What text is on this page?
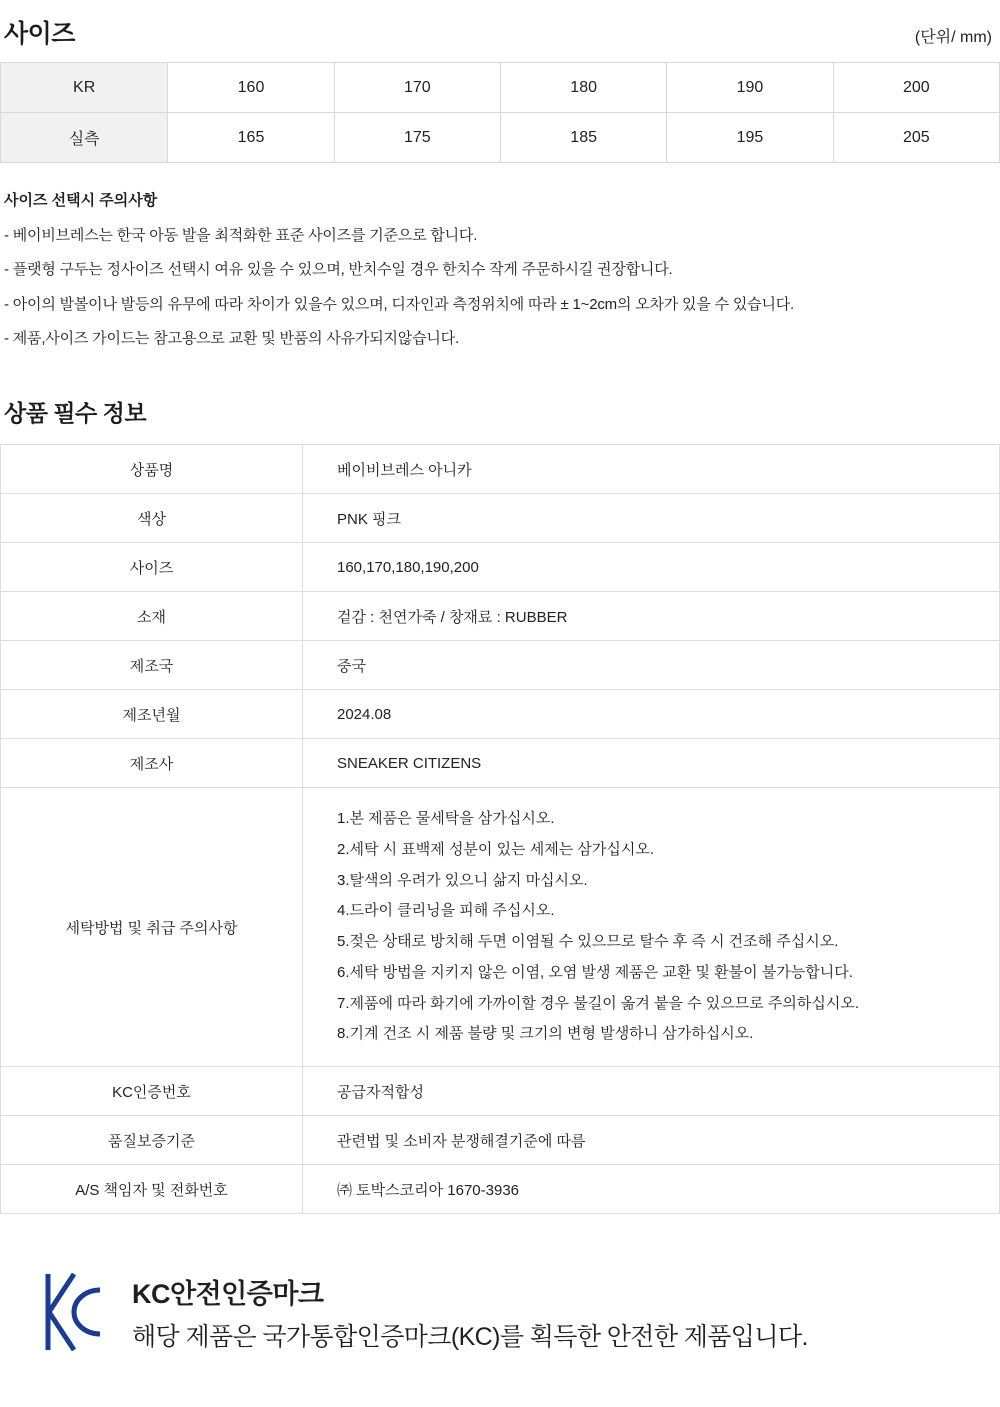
사이즈	(단위/ mm)
KR	160	170	180	190	200
실측	165	175	185	195	205
사이즈 선택시 주의사항
- 베이비브레스는 한국 아동 발을 최적화한 표준 사이즈를 기준으로 합니다.
- 플랫형 구두는 정사이즈 선택시 여유 있을 수 있으며, 반치수일 경우 한치수 작게 주문하시길 권장합니다.
- 아이의 발볼이나 발등의 유무에 따라 차이가 있을수 있으며, 디자인과 측정위치에 따라 ± 1~2cm의 오차가 있을 수 있습니다.
- 제품,사이즈 가이드는 참고용으로 교환 및 반품의 사유가되지않습니다.
상품 필수 정보
상품명	베이비브레스 아니카
색상	PNK 핑크
사이즈	160,170,180,190,200
소재	겉감 : 천연가죽 / 창재료 : RUBBER
제조국	중국
제조년월	2024.08
제조사	SNEAKER CITIZENS
세탁방법 및 취급 주의사항	
1.본 제품은 물세탁을 삼가십시오.
2.세탁 시 표백제 성분이 있는 세제는 삼가십시오.
3.탈색의 우려가 있으니 삶지 마십시오.
4.드라이 클리닝을 피해 주십시오.
5.젖은 상태로 방치해 두면 이염될 수 있으므로 탈수 후 즉 시 건조해 주십시오.
6.세탁 방법을 지키지 않은 이염, 오염 발생 제품은 교환 및 환불이 불가능합니다.
7.제품에 따라 화기에 가까이할 경우 불길이 옮겨 붙을 수 있으므로 주의하십시오.
8.기계 건조 시 제품 불량 및 크기의 변형 발생하니 삼가하십시오.

KC인증번호	공급자적합성
품질보증기준	관련법 및 소비자 분쟁해결기준에 따름
A/S 책임자 및 전화번호	㈜ 토박스코리아 1670-3936
KC안전인증마크
해당 제품은 국가통합인증마크(KC)를 획득한 안전한 제품입니다.
